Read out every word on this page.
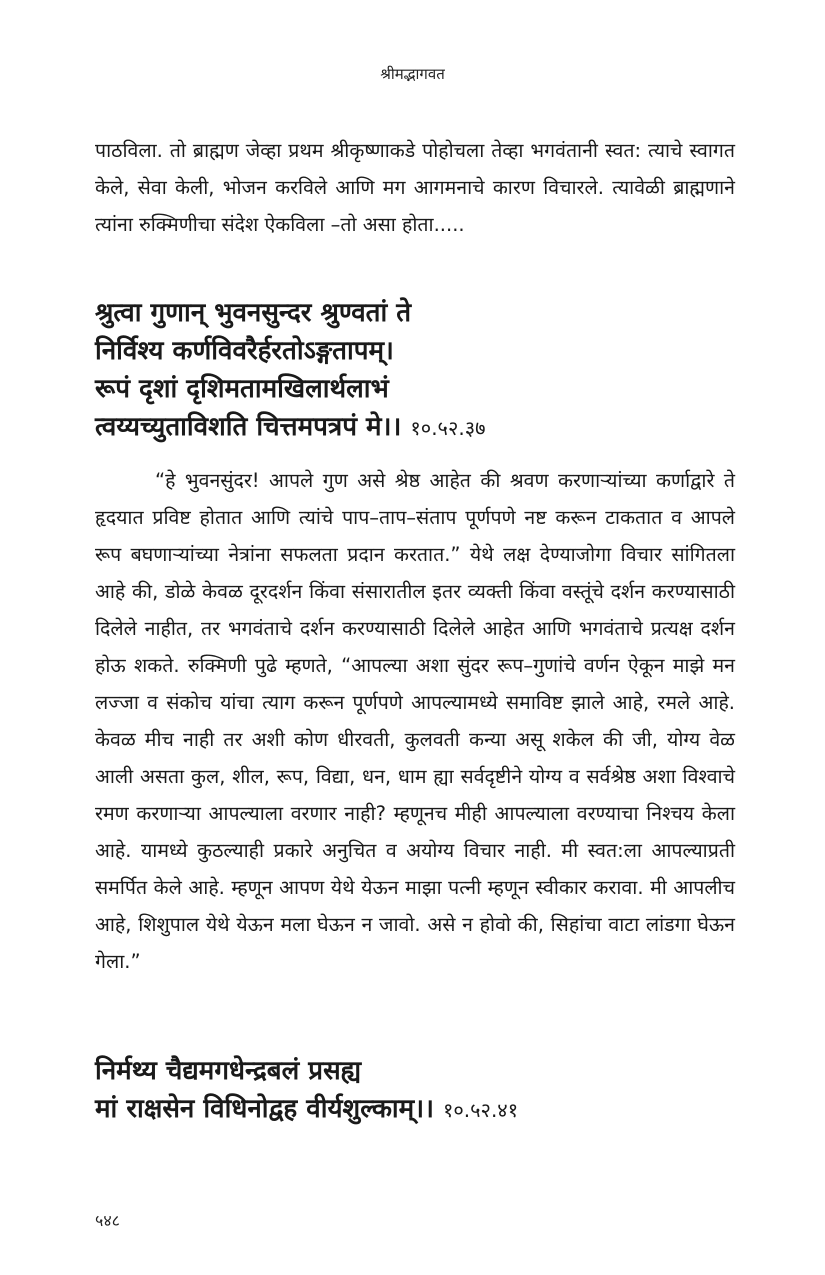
श्रीमद्भागवत

पाठविला. तो ब्राह्मण जेव्हा प्रथम श्रीकृष्णाकडे पोहोचला तेव्हा भगवंतानी स्वत: त्याचे स्वागत केले, सेवा केली, भोजन करविले आणि मग आगमनाचे कारण विचारले. त्यावेळी ब्राह्मणाने त्यांना रुक्मिणीचा संदेश ऐकविला –तो असा होता.....

श्रुत्वा गुणान् भुवनसुन्दर श्रुण्वतां ते
निर्विश्य कर्णविवरैर्हरतोऽङ्गतापम्।
रूपं दृशां दृशिमतामखिलार्थलाभं
त्वय्यच्युताविशति चित्तमपत्रपं मे।। १०.५२.३७

“हे भुवनसुंदर! आपले गुण असे श्रेष्ठ आहेत की श्रवण करणाऱ्यांच्या कर्णाद्वारे ते हृदयात प्रविष्ट होतात आणि त्यांचे पाप–ताप–संताप पूर्णपणे नष्ट करून टाकतात व आपले रूप बघणाऱ्यांच्या नेत्रांना सफलता प्रदान करतात.” येथे लक्ष देण्याजोगा विचार सांगितला आहे की, डोळे केवळ दूरदर्शन किंवा संसारातील इतर व्यक्ती किंवा वस्तूंचे दर्शन करण्यासाठी दिलेले नाहीत, तर भगवंताचे दर्शन करण्यासाठी दिलेले आहेत आणि भगवंताचे प्रत्यक्ष दर्शन होऊ शकते. रुक्मिणी पुढे म्हणते, “आपल्या अशा सुंदर रूप–गुणांचे वर्णन ऐकून माझे मन लज्जा व संकोच यांचा त्याग करून पूर्णपणे आपल्यामध्ये समाविष्ट झाले आहे, रमले आहे. केवळ मीच नाही तर अशी कोण धीरवती, कुलवती कन्या असू शकेल की जी, योग्य वेळ आली असता कुल, शील, रूप, विद्या, धन, धाम ह्या सर्वदृष्टीने योग्य व सर्वश्रेष्ठ अशा विश्वाचे रमण करणाऱ्या आपल्याला वरणार नाही? म्हणूनच मीही आपल्याला वरण्याचा निश्चय केला आहे. यामध्ये कुठल्याही प्रकारे अनुचित व अयोग्य विचार नाही. मी स्वत:ला आपल्याप्रती समर्पित केले आहे. म्हणून आपण येथे येऊन माझा पत्नी म्हणून स्वीकार करावा. मी आपलीच आहे, शिशुपाल येथे येऊन मला घेऊन न जावो. असे न होवो की, सिहांचा वाटा लांडगा घेऊन गेला.”

निर्मथ्य चैद्यमगधेन्द्रबलं प्रसह्य
मां राक्षसेन विधिनोद्वह वीर्यशुल्काम्।। १०.५२.४१
५४८
